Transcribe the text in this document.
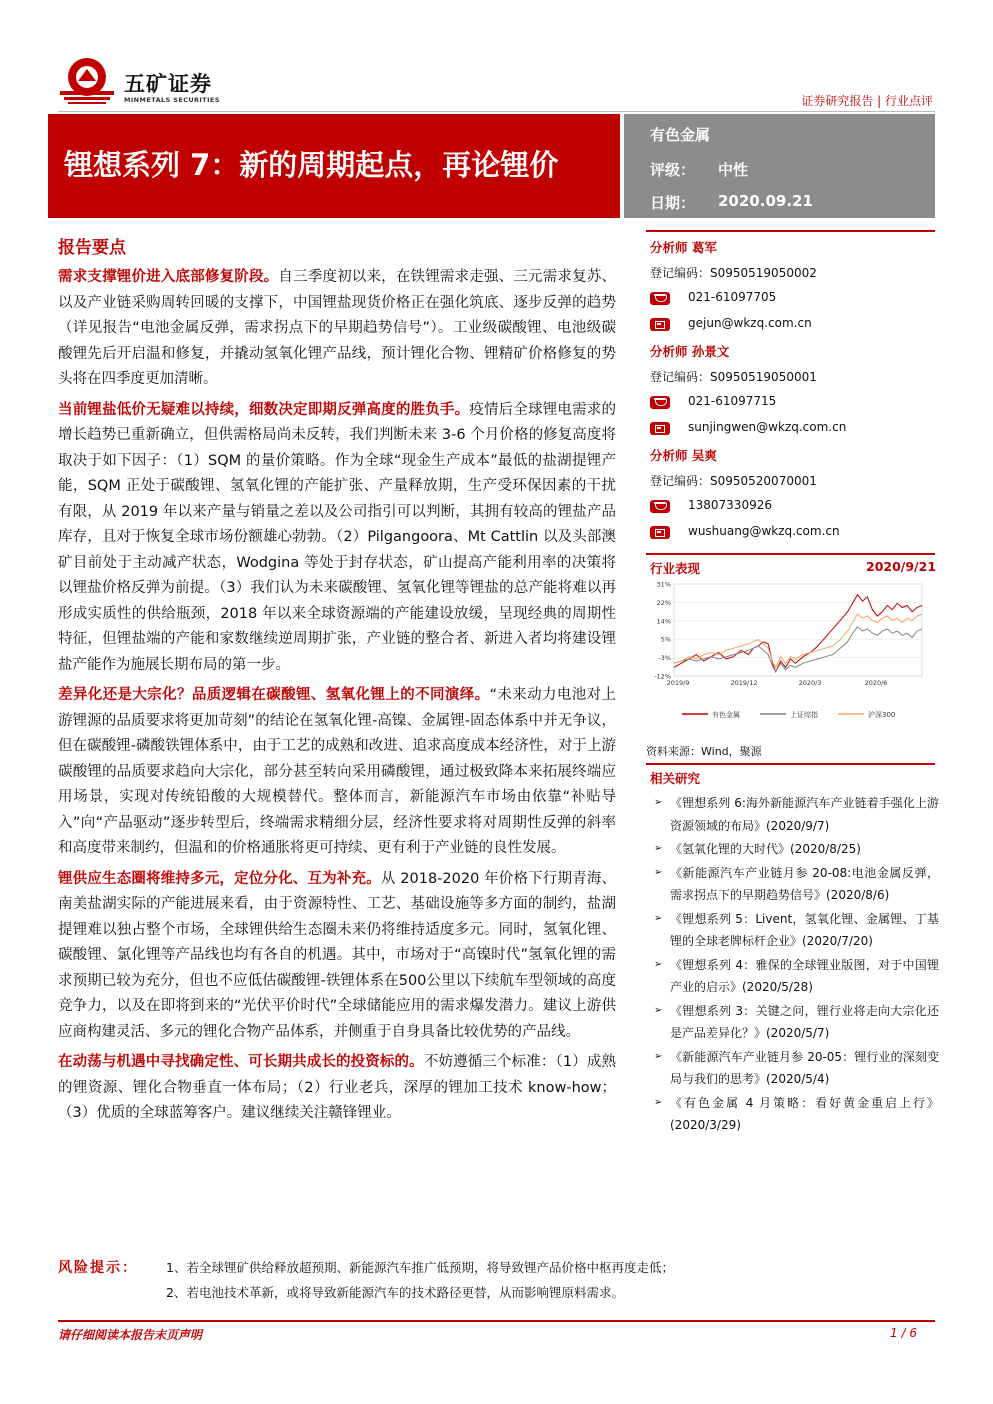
五矿证券
MINMETALS SECURITIES	证券研究报告 | 行业点评
锂想系列 7：新的周期起点，再论锂价
有色金属
评级： 中性
日期： 2020.09.21
报告要点

需求支撑锂价进入底部修复阶段。自三季度初以来，在铁锂需求走强、三元需求复苏、以及产业链采购周转回暖的支撑下，中国锂盐现货价格正在强化筑底、逐步反弹的趋势（详见报告“电池金属反弹，需求拐点下的早期趋势信号”）。工业级碳酸锂、电池级碳酸锂先后开启温和修复，并撬动氢氧化锂产品线，预计锂化合物、锂精矿价格修复的势头将在四季度更加清晰。

当前锂盐低价无疑难以持续，细数决定即期反弹高度的胜负手。疫情后全球锂电需求的增长趋势已重新确立，但供需格局尚未反转，我们判断未来 3-6 个月价格的修复高度将取决于如下因子：（1）SQM 的量价策略。作为全球“现金生产成本”最低的盐湖提锂产能，SQM 正处于碳酸锂、氢氧化锂的产能扩张、产量释放期，生产受环保因素的干扰有限，从 2019 年以来产量与销量之差以及公司指引可以判断，其拥有较高的锂盐产品库存，且对于恢复全球市场份额雄心勃勃。（2）Pilgangoora、Mt Cattlin 以及头部澳矿目前处于主动减产状态，Wodgina 等处于封存状态，矿山提高产能利用率的决策将以锂盐价格反弹为前提。（3）我们认为未来碳酸锂、氢氧化锂等锂盐的总产能将难以再形成实质性的供给瓶颈，2018 年以来全球资源端的产能建设放缓，呈现经典的周期性特征，但锂盐端的产能和家数继续逆周期扩张，产业链的整合者、新进入者均将建设锂盐产能作为施展长期布局的第一步。

差异化还是大宗化？品质逻辑在碳酸锂、氢氧化锂上的不同演绎。“未来动力电池对上游锂源的品质要求将更加苛刻”的结论在氢氧化锂-高镍、金属锂-固态体系中并无争议，但在碳酸锂-磷酸铁锂体系中，由于工艺的成熟和改进、追求高度成本经济性，对于上游碳酸锂的品质要求趋向大宗化，部分甚至转向采用磷酸锂，通过极致降本来拓展终端应用场景，实现对传统铅酸的大规模替代。整体而言，新能源汽车市场由依靠“补贴导入”向“产品驱动”逐步转型后，终端需求精细分层，经济性要求将对周期性反弹的斜率和高度带来制约，但温和的价格通胀将更可持续、更有利于产业链的良性发展。

锂供应生态圈将维持多元，定位分化、互为补充。从 2018-2020 年价格下行期青海、南美盐湖实际的产能进展来看，由于资源特性、工艺、基础设施等多方面的制约，盐湖提锂难以独占整个市场，全球锂供给生态圈未来仍将维持适度多元。同时，氢氧化锂、碳酸锂、氯化锂等产品线也均有各自的机遇。其中，市场对于“高镍时代”氢氧化锂的需求预期已较为充分，但也不应低估碳酸锂-铁锂体系在500公里以下续航车型领域的高度竞争力，以及在即将到来的“光伏平价时代”全球储能应用的需求爆发潜力。建议上游供应商构建灵活、多元的锂化合物产品体系，并侧重于自身具备比较优势的产品线。

在动荡与机遇中寻找确定性、可长期共成长的投资标的。不妨遵循三个标准：（1）成熟的锂资源、锂化合物垂直一体布局；（2）行业老兵，深厚的锂加工技术 know-how；（3）优质的全球蓝筹客户。建议继续关注赣锋锂业。

分析师 葛军
登记编码：S0950519050002
021-61097705
gejun@wkzq.com.cn
分析师 孙景文
登记编码：S0950519050001
021-61097715
sunjingwen@wkzq.com.cn
分析师 吴爽
登记编码：S0950520070001
13807330926
wushuang@wkzq.com.cn
行业表现	2020/9/21
31%
22%
14%
5%
-3%
-12%
2019/9	2019/12	2020/3	2020/6
有色金属	上证综指	沪深300
资料来源：Wind，聚源
相关研究
➢ 《锂想系列 6:海外新能源汽车产业链着手强化上游资源领域的布局》(2020/9/7)
➢ 《氢氧化锂的大时代》(2020/8/25)
➢ 《新能源汽车产业链月参 20-08:电池金属反弹，需求拐点下的早期趋势信号》(2020/8/6)
➢ 《锂想系列 5：Livent，氢氧化锂、金属锂、丁基锂的全球老牌标杆企业》(2020/7/20)
➢ 《锂想系列 4：雅保的全球锂业版图，对于中国锂产业的启示》(2020/5/28)
➢ 《锂想系列 3：关键之问，锂行业将走向大宗化还是产品差异化？》(2020/5/7)
➢ 《新能源汽车产业链月参 20-05：锂行业的深刻变局与我们的思考》(2020/5/4)
➢ 《有色金属 4 月策略：看好黄金重启上行》(2020/3/29)
风险提示： 1、若全球锂矿供给释放超预期、新能源汽车推广低预期，将导致锂产品价格中枢再度走低；
2、若电池技术革新，或将导致新能源汽车的技术路径更替，从而影响锂原料需求。
请仔细阅读本报告末页声明	1 / 6
